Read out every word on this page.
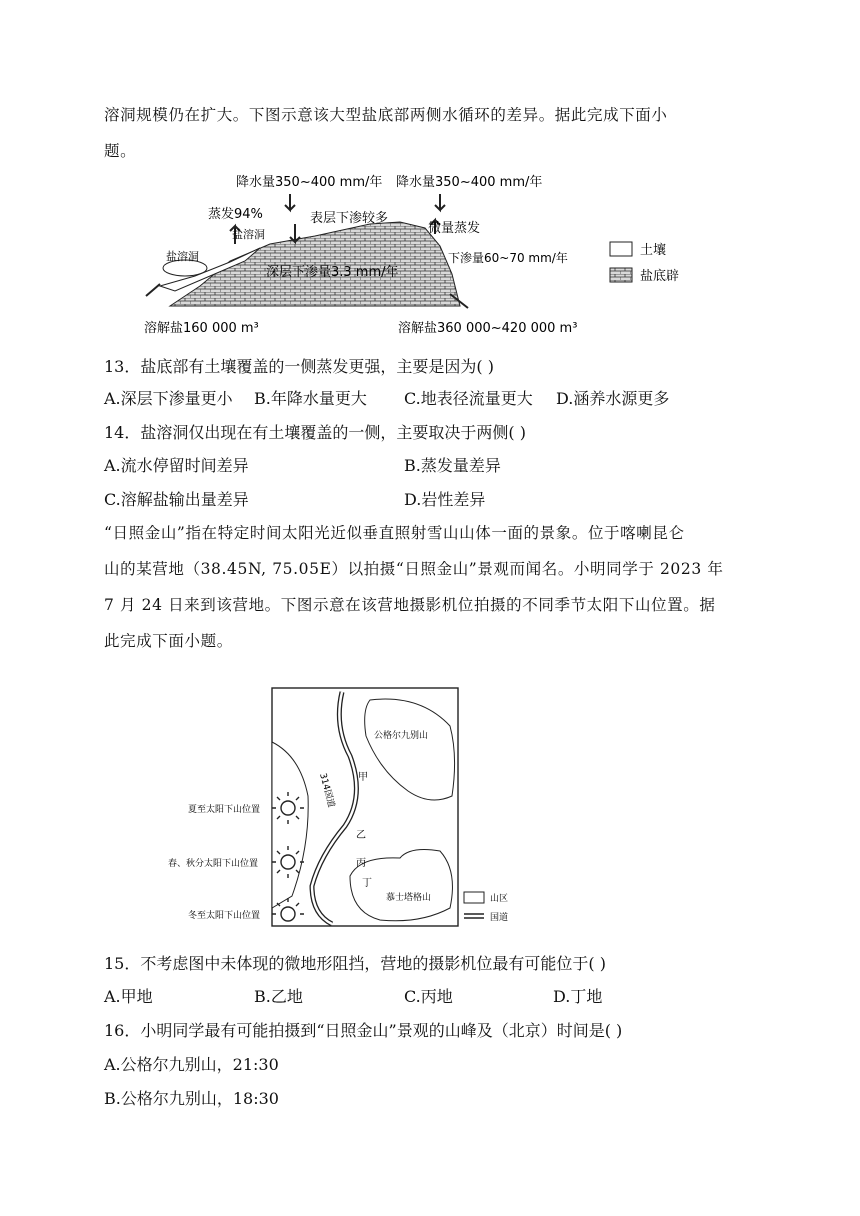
溶洞规模仍在扩大。下图示意该大型盐底部两侧水循环的差异。据此完成下面小
题。
降水量350~400 mm/年 降水量350~400 mm/年
蒸发94%	表层下渗较多
盐溶洞
盐溶洞
微量蒸发
下渗量60~70 mm/年
深层下渗量3.3 mm/年
溶解盐160 000 m³	溶解盐360 000~420 000 m³
土壤
盐底辟
13．盐底部有土壤覆盖的一侧蒸发更强，主要是因为( )
A.深层下渗量更小 B.年降水量更大 C.地表径流量更大 D.涵养水源更多
14．盐溶洞仅出现在有土壤覆盖的一侧，主要取决于两侧( )
A.流水停留时间差异	B.蒸发量差异
C.溶解盐输出量差异	D.岩性差异
“日照金山”指在特定时间太阳光近似垂直照射雪山山体一面的景象。位于喀喇昆仑
山的某营地（38.45N, 75.05E）以拍摄“日照金山”景观而闻名。小明同学于 2023 年
7 月 24 日来到该营地。下图示意在该营地摄影机位拍摄的不同季节太阳下山位置。据
此完成下面小题。
夏至太阳下山位置
春、秋分太阳下山位置
冬至太阳下山位置
公格尔九别山
慕士塔格山
314国道 甲
乙
丙
丁
山区
国道
15．不考虑图中未体现的微地形阻挡，营地的摄影机位最有可能位于( )
A.甲地	B.乙地	C.丙地	D.丁地
16．小明同学最有可能拍摄到“日照金山”景观的山峰及（北京）时间是( )
A.公格尔九别山，21:30
B.公格尔九别山，18:30
